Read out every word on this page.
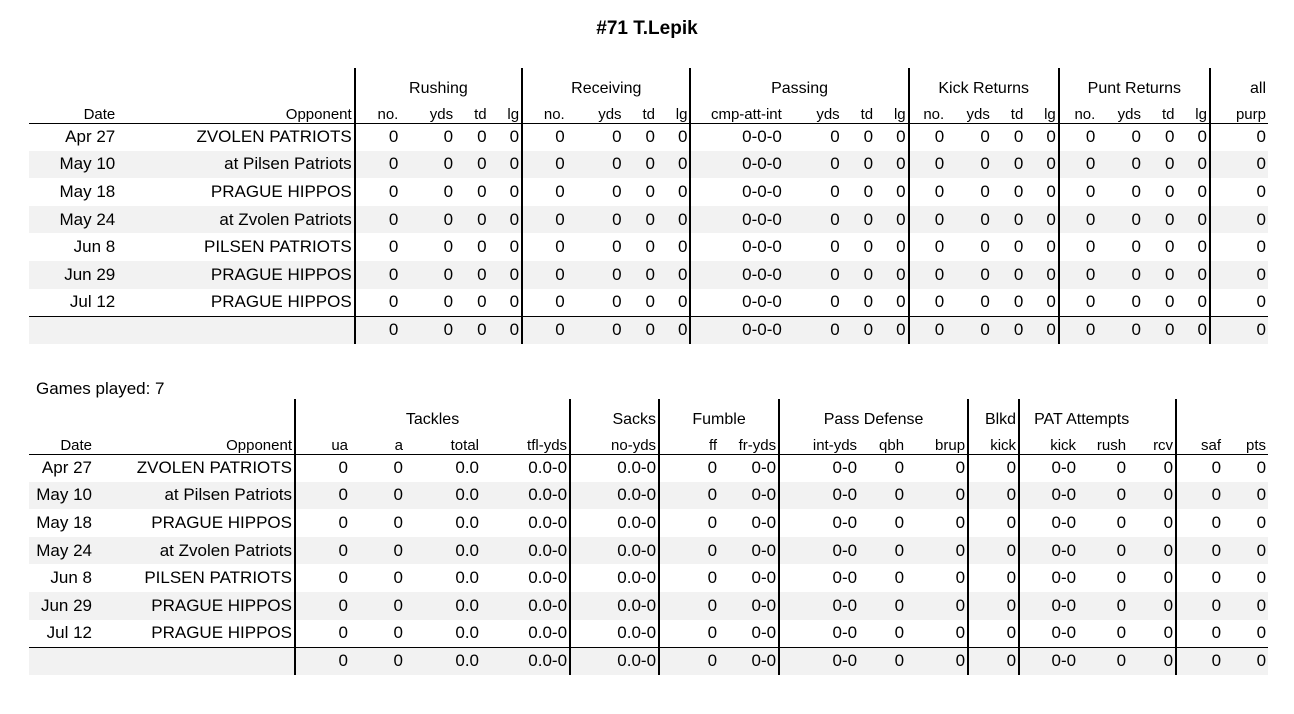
#71 T.Lepik
		Rushing				Receiving				Passing				Kick Returns				Punt Returns				all
Date	Opponent	no.	yds	td	lg	no.	yds	td	lg	cmp-att-int	yds	td	lg	no.	yds	td	lg	no.	yds	td	lg	purp
Apr 27	ZVOLEN PATRIOTS	0	0	0	0	0	0	0	0	0-0-0	0	0	0	0	0	0	0	0	0	0	0	0
May 10	at Pilsen Patriots	0	0	0	0	0	0	0	0	0-0-0	0	0	0	0	0	0	0	0	0	0	0	0
May 18	PRAGUE HIPPOS	0	0	0	0	0	0	0	0	0-0-0	0	0	0	0	0	0	0	0	0	0	0	0
May 24	at Zvolen Patriots	0	0	0	0	0	0	0	0	0-0-0	0	0	0	0	0	0	0	0	0	0	0	0
Jun 8	PILSEN PATRIOTS	0	0	0	0	0	0	0	0	0-0-0	0	0	0	0	0	0	0	0	0	0	0	0
Jun 29	PRAGUE HIPPOS	0	0	0	0	0	0	0	0	0-0-0	0	0	0	0	0	0	0	0	0	0	0	0
Jul 12	PRAGUE HIPPOS	0	0	0	0	0	0	0	0	0-0-0	0	0	0	0	0	0	0	0	0	0	0	0
		0	0	0	0	0	0	0	0	0-0-0	0	0	0	0	0	0	0	0	0	0	0	0
Games played: 7
		Tackles				Sacks	Fumble		Pass Defense			Blkd	PAT Attempts				
Date	Opponent	ua	a	total	tfl-yds	no-yds	ff	fr-yds	int-yds	qbh	brup	kick	kick	rush	rcv	saf	pts
Apr 27	ZVOLEN PATRIOTS	0	0	0.0	0.0-0	0.0-0	0	0-0	0-0	0	0	0	0-0	0	0	0	0
May 10	at Pilsen Patriots	0	0	0.0	0.0-0	0.0-0	0	0-0	0-0	0	0	0	0-0	0	0	0	0
May 18	PRAGUE HIPPOS	0	0	0.0	0.0-0	0.0-0	0	0-0	0-0	0	0	0	0-0	0	0	0	0
May 24	at Zvolen Patriots	0	0	0.0	0.0-0	0.0-0	0	0-0	0-0	0	0	0	0-0	0	0	0	0
Jun 8	PILSEN PATRIOTS	0	0	0.0	0.0-0	0.0-0	0	0-0	0-0	0	0	0	0-0	0	0	0	0
Jun 29	PRAGUE HIPPOS	0	0	0.0	0.0-0	0.0-0	0	0-0	0-0	0	0	0	0-0	0	0	0	0
Jul 12	PRAGUE HIPPOS	0	0	0.0	0.0-0	0.0-0	0	0-0	0-0	0	0	0	0-0	0	0	0	0
		0	0	0.0	0.0-0	0.0-0	0	0-0	0-0	0	0	0	0-0	0	0	0	0
